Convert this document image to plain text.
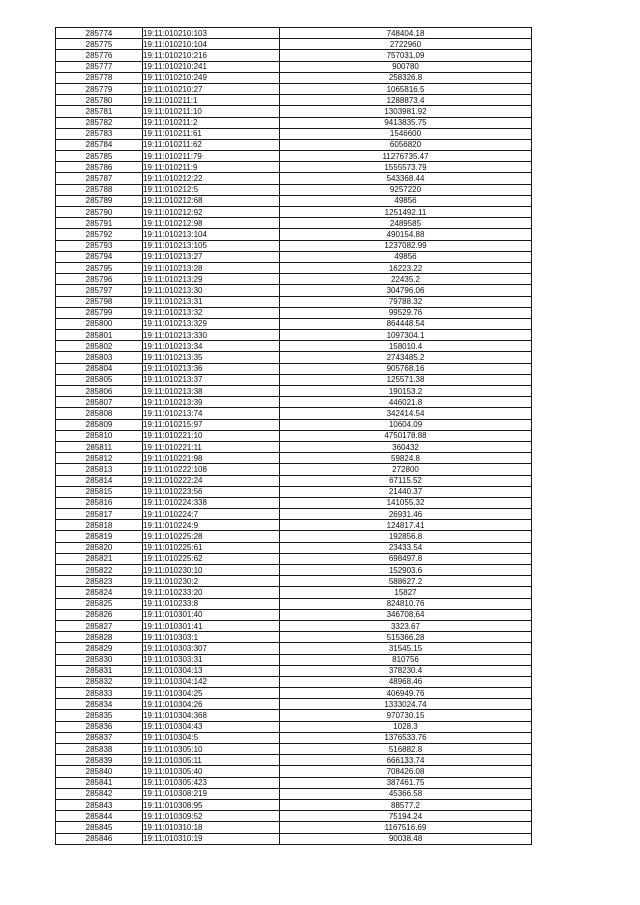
285774	19:11:010210:103	748404.18
285775	19:11:010210:104	2722960
285776	19:11:010210:216	757031.09
285777	19:11:010210:241	900780
285778	19:11:010210:249	258326.8
285779	19:11:010210:27	1065816.5
285780	19:11:010211:1	1288873.4
285781	19:11:010211:10	1303981.92
285782	19:11:010211:2	9413835.75
285783	19:11:010211:61	1546600
285784	19:11:010211:62	6056820
285785	19:11:010211:79	11276735.47
285786	19:11:010211:9	1555573.79
285787	19:11:010212:22	543368.44
285788	19:11:010212:5	9257220
285789	19:11:010212:68	49856
285790	19:11:010212:92	1251492.11
285791	19:11:010212:98	2489585
285792	19:11:010213:104	490154.88
285793	19:11:010213:105	1237082.99
285794	19:11:010213:27	49856
285795	19:11:010213:28	16223.22
285796	19:11:010213:29	22435.2
285797	19:11:010213:30	304796.06
285798	19:11:010213:31	79788.32
285799	19:11:010213:32	99529.76
285800	19:11:010213:329	864448.54
285801	19:11:010213:330	1097304.1
285802	19:11:010213:34	158010.4
285803	19:11:010213:35	2743485.2
285804	19:11:010213:36	905768.16
285805	19:11:010213:37	125571.38
285806	19:11:010213:38	190153.2
285807	19:11:010213:39	446021.8
285808	19:11:010213:74	342414.54
285809	19:11:010215:97	10604.09
285810	19:11:010221:10	4750178.88
285811	19:11:010221:11	360432
285812	19:11:010221:98	59824.8
285813	19:11:010222:108	272800
285814	19:11:010222:24	67115.52
285815	19:11:010223:56	21440.37
285816	19:11:010224:338	141055.32
285817	19:11:010224:7	26931.46
285818	19:11:010224:9	124817.41
285819	19:11:010225:28	192856.8
285820	19:11:010225:61	23433.54
285821	19:11:010225:62	698497.8
285822	19:11:010230:10	152903.6
285823	19:11:010230:2	588627.2
285824	19:11:010233:20	15827
285825	19:11:010233:8	824810.76
285826	19:11:010301:40	346708.64
285827	19:11:010301:41	3323.67
285828	19:11:010303:1	515366.28
285829	19:11:010303:307	31545.15
285830	19:11:010303:31	810756
285831	19:11:010304:13	378230.4
285832	19:11:010304:142	48968.46
285833	19:11:010304:25	406949.76
285834	19:11:010304:26	1333024.74
285835	19:11:010304:368	970730.15
285836	19:11:010304:43	1028.3
285837	19:11:010304:5	1376533.76
285838	19:11:010305:10	516882.8
285839	19:11:010305:11	666133.74
285840	19:11:010305:40	708426.08
285841	19:11:010305:423	387461.75
285842	19:11:010308:219	45366.58
285843	19:11:010308:95	88577.2
285844	19:11:010309:52	75194.24
285845	19:11:010310:18	1167516.69
285846	19:11:010310:19	90038.48
